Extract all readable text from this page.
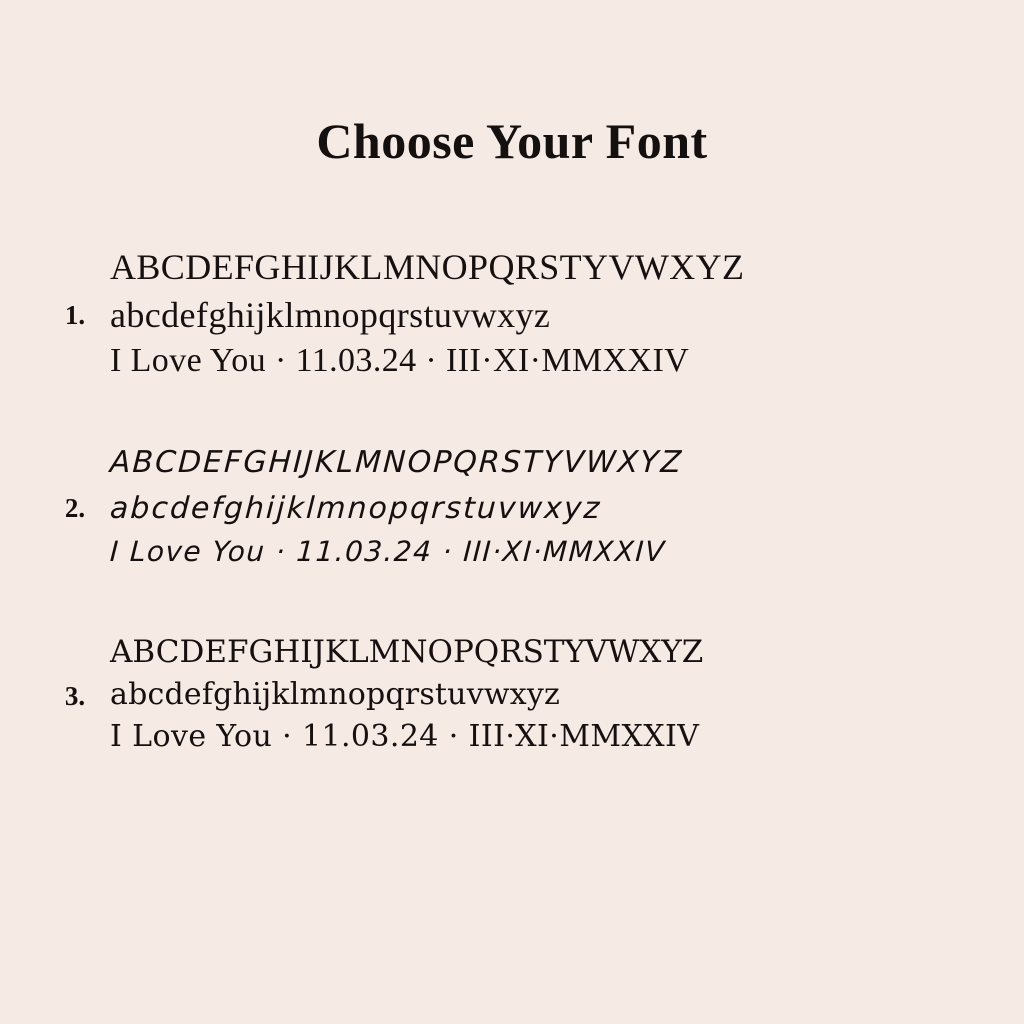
Choose Your Font
1.
ABCDEFGHIJKLMNOPQRSTYVWXYZ
abcdefghijklmnopqrstuvwxyz
I Love You · 11.03.24 · III·XI·MMXXIV
2.
ABCDEFGHIJKLMNOPQRSTYVWXYZ
abcdefghijklmnopqrstuvwxyz
I Love You · 11.03.24 · III·XI·MMXXIV
3.
ABCDEFGHIJKLMNOPQRSTYVWXYZ
abcdefghijklmnopqrstuvwxyz
I Love You · 11.03.24 · III·XI·MMXXIV
